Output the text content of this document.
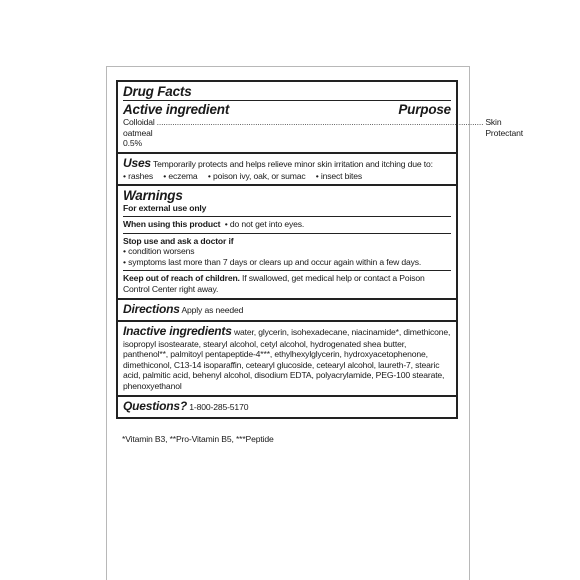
Drug Facts
Active ingredient	Purpose
Colloidal oatmeal 0.5%
.................................................................................................................................................. Skin Protectant
Uses Temporarily protects and helps relieve minor skin irritation and itching due to:
• rashes • eczema • poison ivy, oak, or sumac • insect bites
Warnings
For external use only
When using this product  • do not get into eyes.
Stop use and ask a doctor if
• condition worsens
• symptoms last more than 7 days or clears up and occur again within a few days.
Keep out of reach of children. If swallowed, get medical help or contact a Poison Control Center right away.
Directions Apply as needed
Inactive ingredients water, glycerin, isohexadecane, niacinamide*, dimethicone, isopropyl isostearate, stearyl alcohol, cetyl alcohol, hydrogenated shea butter, panthenol**, palmitoyl pentapeptide-4***, ethylhexylglycerin, hydroxyacetophenone, dimethiconol, C13-14 isoparaffin, cetearyl glucoside, cetearyl alcohol, laureth-7, stearic acid, palmitic acid, behenyl alcohol, disodium EDTA, polyacrylamide, PEG-100 stearate, phenoxyethanol
Questions? 1-800-285-5170
*Vitamin B3, **Pro-Vitamin B5, ***Peptide
